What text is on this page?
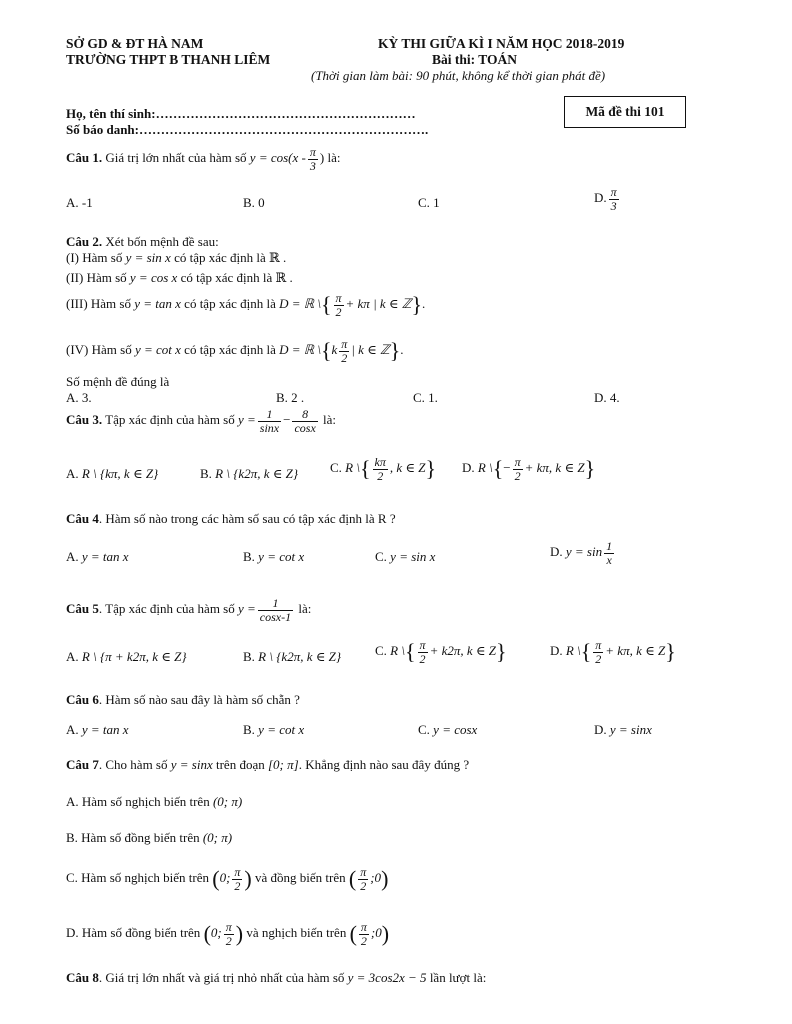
SỞ GD & ĐT HÀ NAM
TRƯỜNG THPT B THANH LIÊM
KỲ THI GIỮA KÌ I NĂM HỌC 2018-2019
Bài thi: TOÁN
(Thời gian làm bài: 90 phút, không kể thời gian phát đề)
Họ, tên thí sinh:……………………………………………………
Số báo danh:………………………………………………………….
Mã đề thi 101
Câu 1. Giá trị lớn nhất của hàm số $y = \cos(x - \frac{\pi}{3}$ ) là:
A. -1	B. 0	C. 1	D. $\frac{\pi}{3}$
Câu 2. Xét bốn mệnh đề sau:
(I) Hàm số y = sin x có tập xác định là ℝ .
(II) Hàm số y = cos x có tập xác định là ℝ .
(III) Hàm số y = tan x có tập xác định là D = ℝ \{ $\frac{\pi}{2} + k\pi$ | k ∈ ℤ}.
(IV) Hàm số y = cot x có tập xác định là D = ℝ \{k $\frac{\pi}{2}$ | k ∈ ℤ}.
Số mệnh đề đúng là
A. 3.	B. 2 .	C. 1.	D. 4.
Câu 3. Tập xác định của hàm số $y = \frac{1}{\sin x} - \frac{8}{\cos x}$ là:
A. R \ {kπ, k ∈ Z}	B. R \ {k2π, k ∈ Z} C. R \{ $\frac{k\pi}{2}$ , k ∈ Z} D. R \{− $\frac{\pi}{2} + k\pi$, k ∈ Z}
Câu 4. Hàm số nào trong các hàm số sau có tập xác định là R ?
A. y = tan x	B. y = cot x	C. y = sin x	D. $y = \sin \frac{1}{x}$
Câu 5. Tập xác định của hàm số $y = \frac{1}{\cos x-1}$ là:
A. R \ {π + k2π, k ∈ Z}	B. R \ {k2π, k ∈ Z}	C. R \{ $\frac{\pi}{2} + k2\pi$, k ∈ Z}	D. R \{ $\frac{\pi}{2} + k\pi$, k ∈ Z}
Câu 6. Hàm số nào sau đây là hàm số chẵn ?
A. y = tan x	B. y = cot x	C. y = cosx	D. y = sinx
Câu 7. Cho hàm số y = sinx trên đoạn [0; π]. Khẳng định nào sau đây đúng ?
A. Hàm số nghịch biến trên (0; π)
B. Hàm số đồng biến trên (0; π)
C. Hàm số nghịch biến trên (0; $\frac{\pi}{2}$ ) và đồng biến trên ( $\frac{\pi}{2}$ ;0)
D. Hàm số đồng biến trên (0; $\frac{\pi}{2}$ ) và nghịch biến trên ( $\frac{\pi}{2}$ ;0)
Câu 8. Giá trị lớn nhất và giá trị nhỏ nhất của hàm số y = 3cos2x − 5 lần lượt là:
